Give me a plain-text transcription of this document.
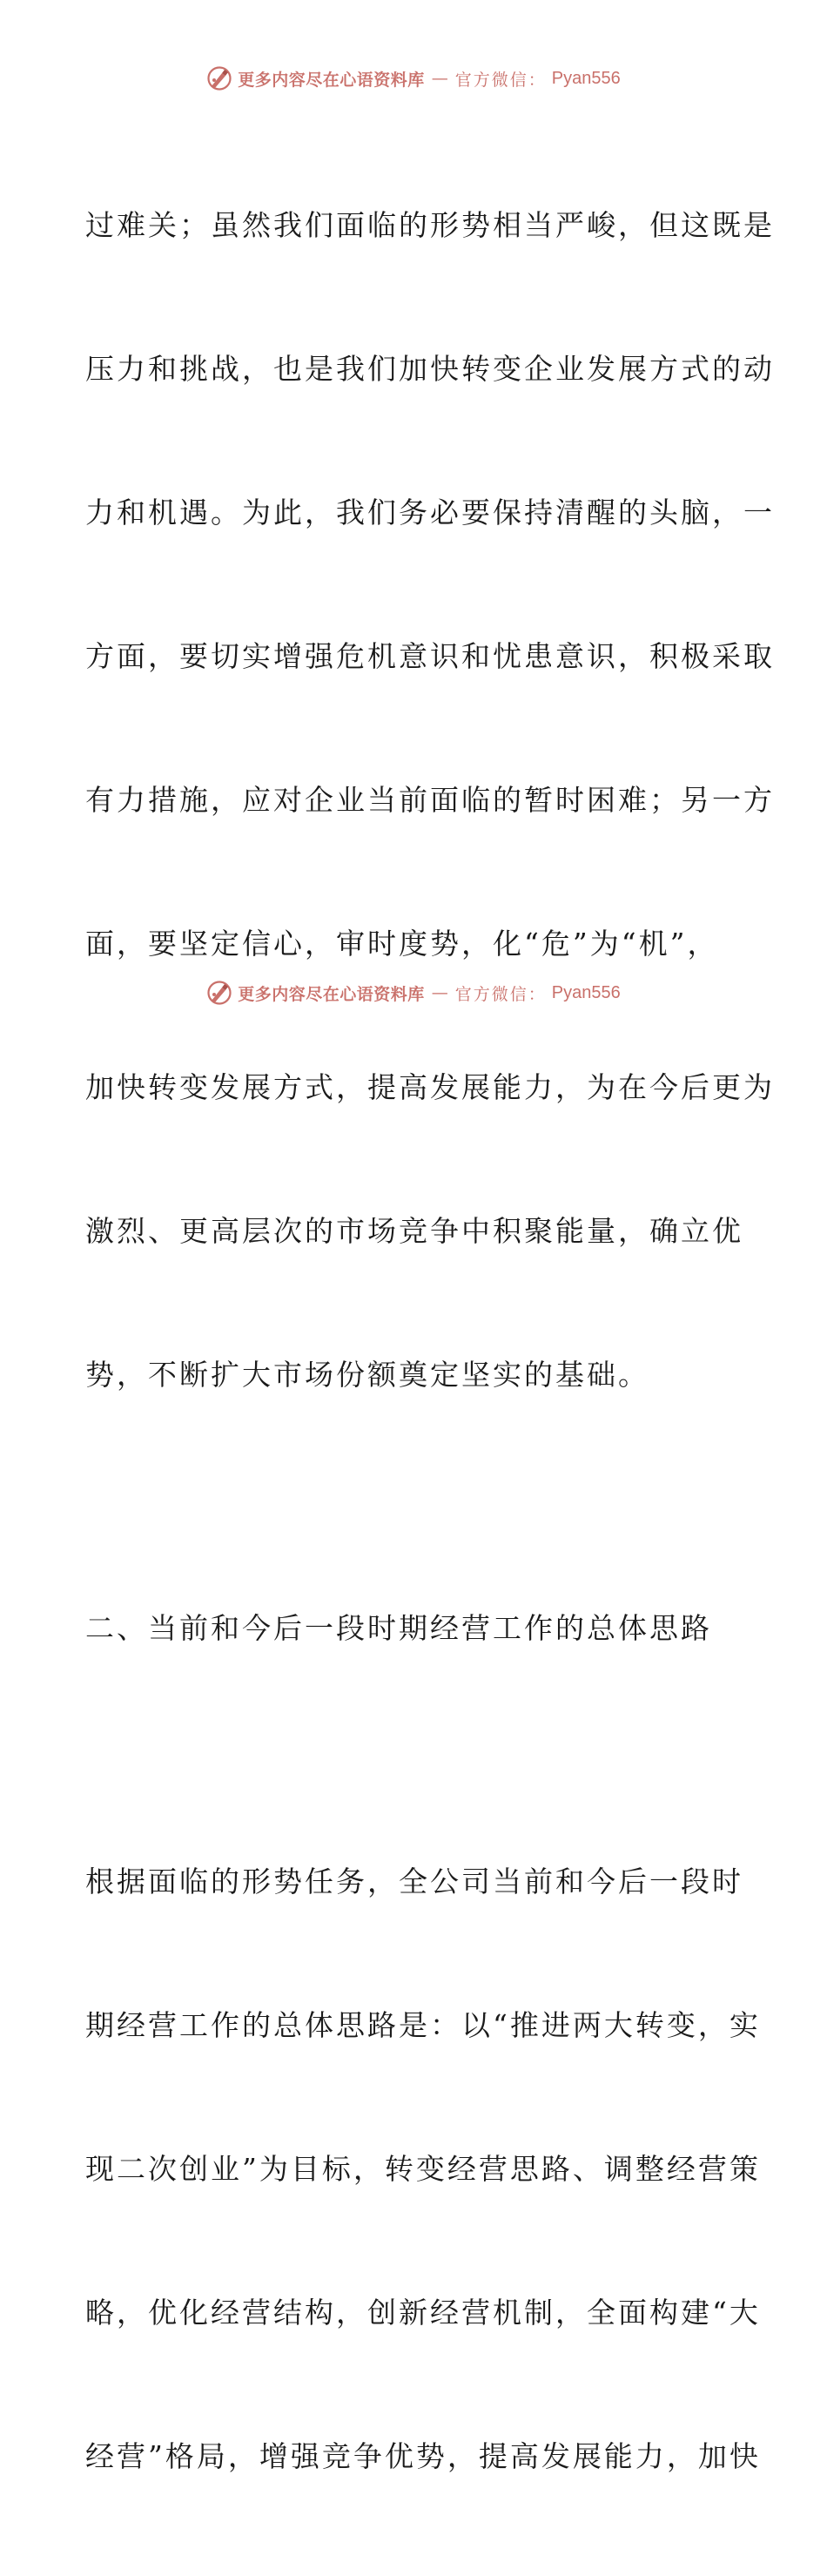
更多内容尽在心语资料库 — 官方微信： Pyan556

过难关；虽然我们面临的形势相当严峻，但这既是

压力和挑战，也是我们加快转变企业发展方式的动

力和机遇。为此，我们务必要保持清醒的头脑，一

方面，要切实增强危机意识和忧患意识，积极采取

有力措施，应对企业当前面临的暂时困难；另一方

面，要坚定信心，审时度势，化“危”为“机”，

加快转变发展方式，提高发展能力，为在今后更为

激烈、更高层次的市场竞争中积聚能量，确立优

势，不断扩大市场份额奠定坚实的基础。

二、当前和今后一段时期经营工作的总体思路

根据面临的形势任务，全公司当前和今后一段时

期经营工作的总体思路是：以“推进两大转变，实

现二次创业”为目标，转变经营思路、调整经营策

略，优化经营结构，创新经营机制，全面构建“大

经营”格局，增强竞争优势，提高发展能力，加快

更多内容尽在心语资料库 — 官方微信： Pyan556
